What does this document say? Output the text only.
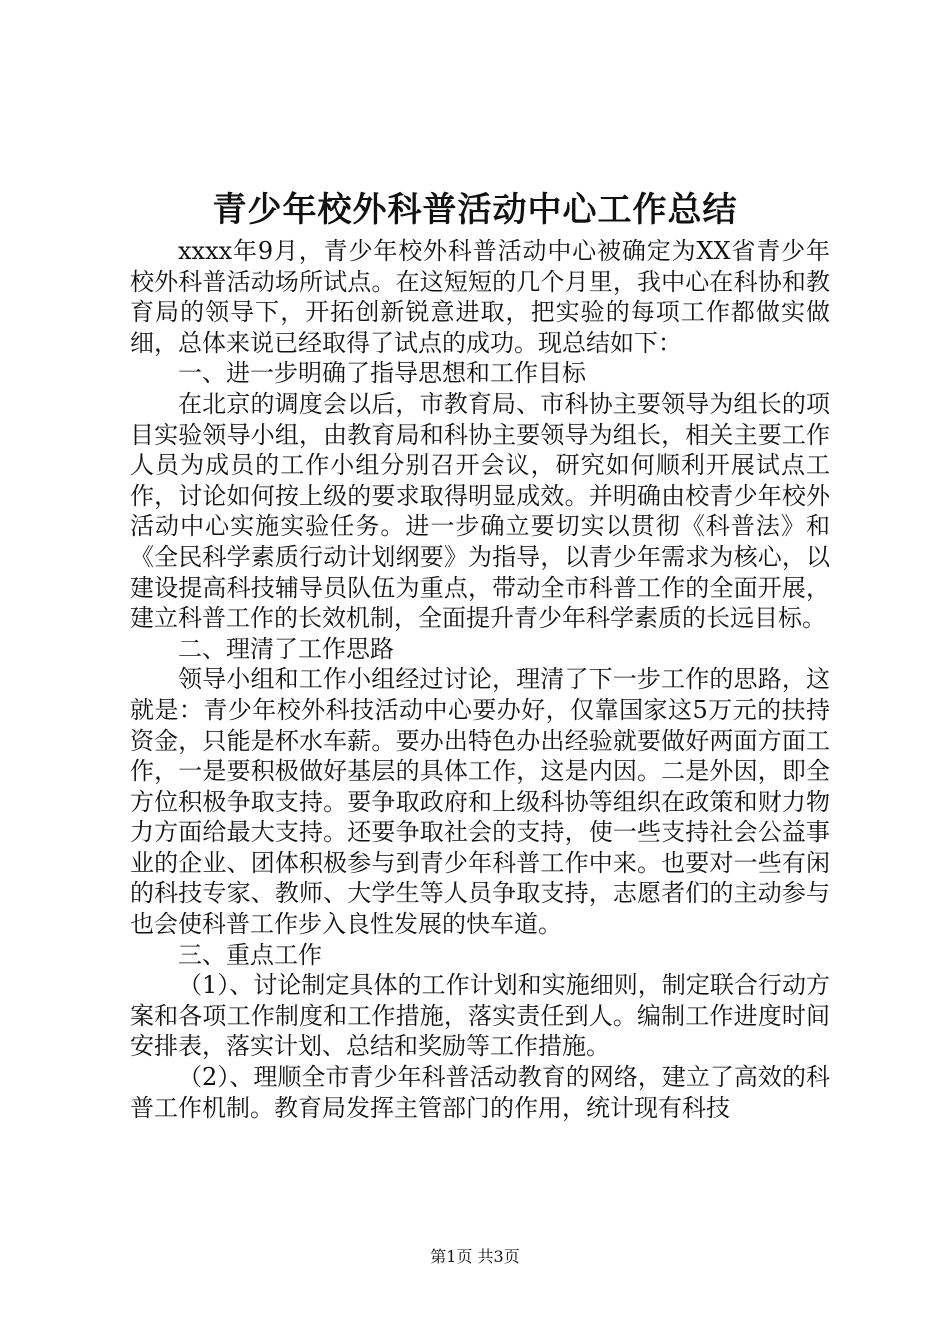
青少年校外科普活动中心工作总结

xxxx年9月，青少年校外科普活动中心被确定为XX省青少年校外科普活动场所试点。在这短短的几个月里，我中心在科协和教育局的领导下，开拓创新锐意进取，把实验的每项工作都做实做细，总体来说已经取得了试点的成功。现总结如下：

一、进一步明确了指导思想和工作目标

在北京的调度会以后，市教育局、市科协主要领导为组长的项目实验领导小组，由教育局和科协主要领导为组长，相关主要工作人员为成员的工作小组分别召开会议，研究如何顺利开展试点工作，讨论如何按上级的要求取得明显成效。并明确由校青少年校外活动中心实施实验任务。进一步确立要切实以贯彻《科普法》和《全民科学素质行动计划纲要》为指导，以青少年需求为核心，以建设提高科技辅导员队伍为重点，带动全市科普工作的全面开展，建立科普工作的长效机制，全面提升青少年科学素质的长远目标。

二、理清了工作思路

领导小组和工作小组经过讨论，理清了下一步工作的思路，这就是：青少年校外科技活动中心要办好，仅靠国家这5万元的扶持资金，只能是杯水车薪。要办出特色办出经验就要做好两面方面工作，一是要积极做好基层的具体工作，这是内因。二是外因，即全方位积极争取支持。要争取政府和上级科协等组织在政策和财力物力方面给最大支持。还要争取社会的支持，使一些支持社会公益事业的企业、团体积极参与到青少年科普工作中来。也要对一些有闲的科技专家、教师、大学生等人员争取支持，志愿者们的主动参与也会使科普工作步入良性发展的快车道。

三、重点工作

（1）、讨论制定具体的工作计划和实施细则，制定联合行动方案和各项工作制度和工作措施，落实责任到人。编制工作进度时间安排表，落实计划、总结和奖励等工作措施。

（2）、理顺全市青少年科普活动教育的网络，建立了高效的科普工作机制。教育局发挥主管部门的作用，统计现有科技

第1页 共3页
